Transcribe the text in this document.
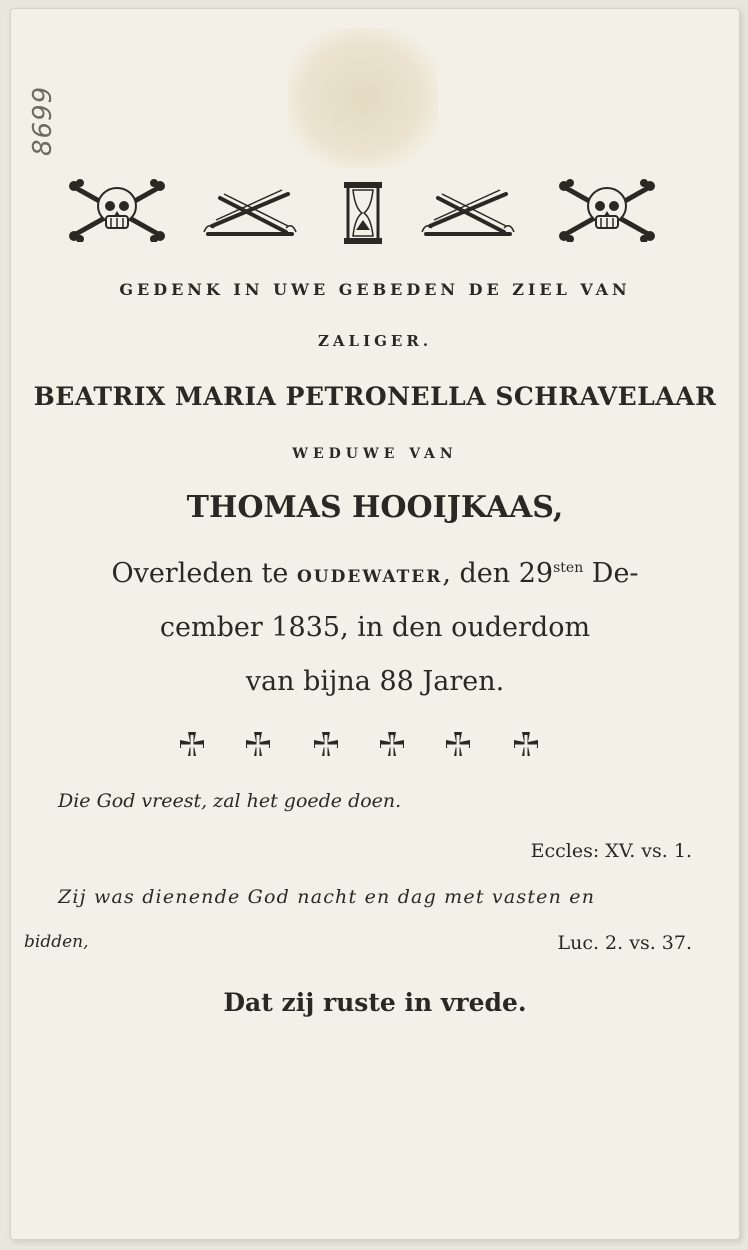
8699
GEDENK IN UWE GEBEDEN DE ZIEL VAN
ZALIGER.
BEATRIX MARIA PETRONELLA SCHRAVELAAR
WEDUWE VAN
THOMAS HOOIJKAAS,
Overleden te OUDEWATER, den $29^{sten}$ De-
cember 1835, in den ouderdom
van bijna 88 Jaren.
Die God vreest, zal het goede doen.
Eccles: XV. vs. 1.
Zij was dienende God nacht en dag met vasten en
bidden,	Luc. 2. vs. 37.
Dat zij ruste in vrede.
